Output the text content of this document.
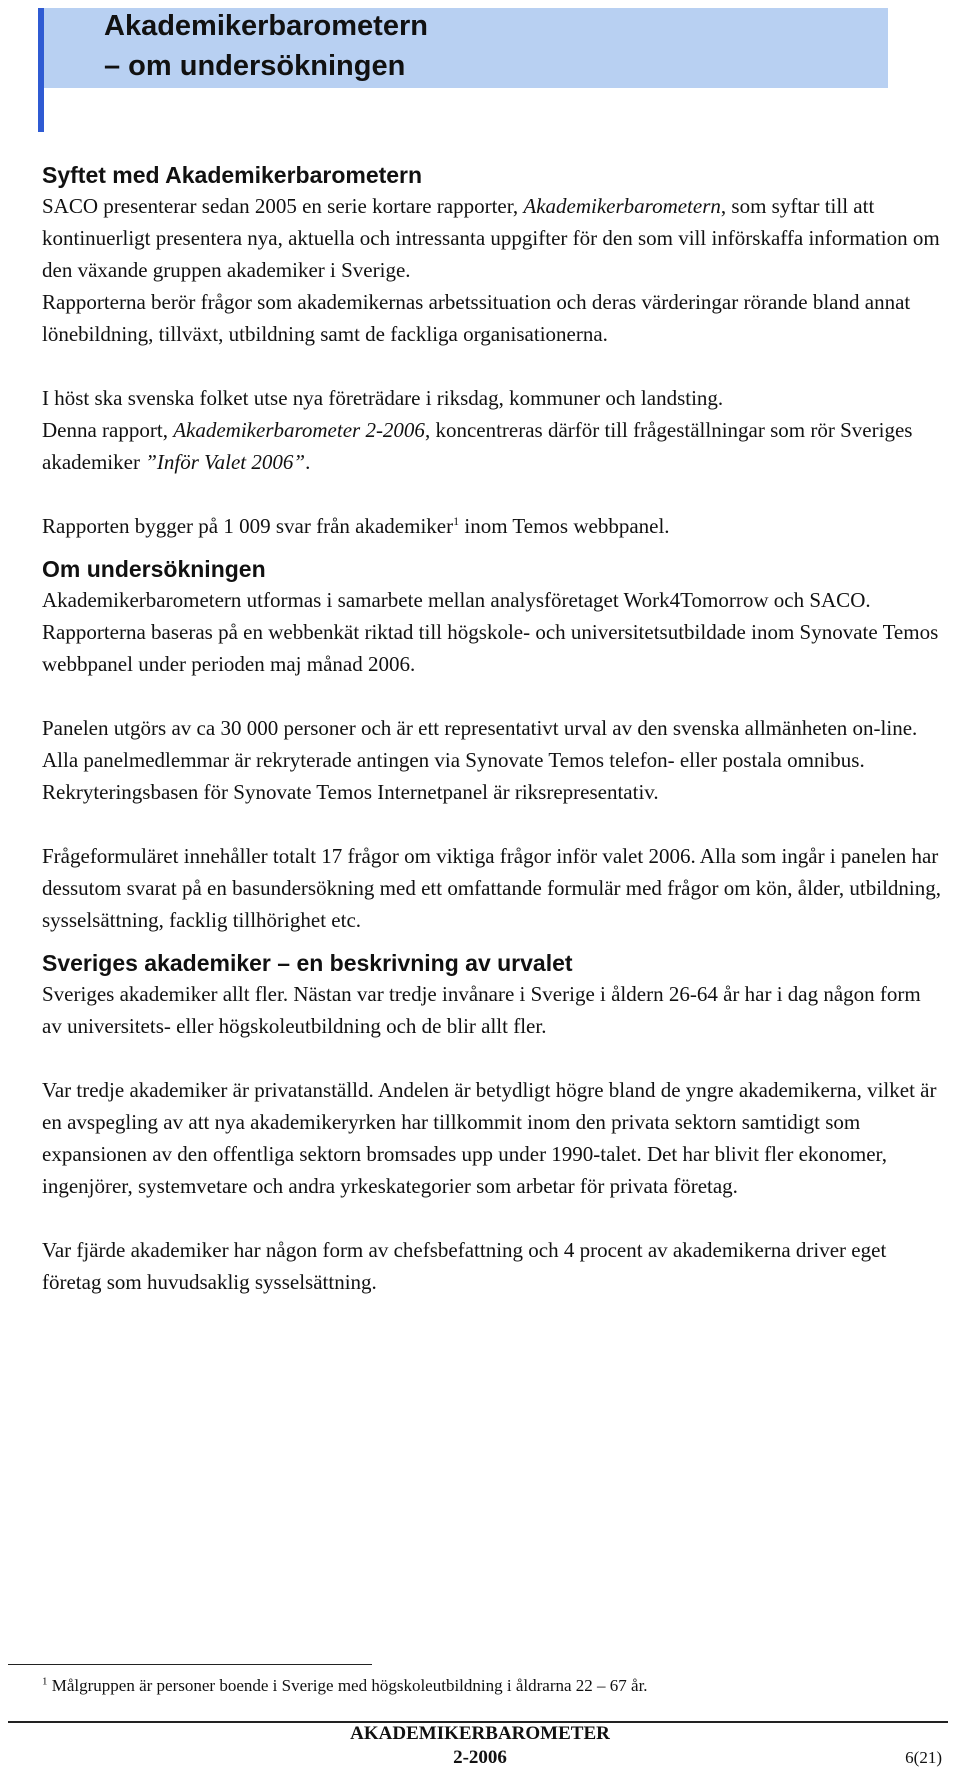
Akademikerbarometern
– om undersökningen
Syftet med Akademikerbarometern

SACO presenterar sedan 2005 en serie kortare rapporter, Akademikerbarometern, som syftar till att kontinuerligt presentera nya, aktuella och intressanta uppgifter för den som vill införskaffa information om den växande gruppen akademiker i Sverige.

Rapporterna berör frågor som akademikernas arbetssituation och deras värderingar rörande bland annat lönebildning, tillväxt, utbildning samt de fackliga organisationerna.

I höst ska svenska folket utse nya företrädare i riksdag, kommuner och landsting.

Denna rapport, Akademikerbarometer 2-2006, koncentreras därför till frågeställningar som rör Sveriges akademiker ”Inför Valet 2006”.

Rapporten bygger på 1 009 svar från akademiker$^1$ inom Temos webbpanel.

Om undersökningen

Akademikerbarometern utformas i samarbete mellan analysföretaget Work4Tomorrow och SACO. Rapporterna baseras på en webbenkät riktad till högskole- och universitetsutbildade inom Synovate Temos webbpanel under perioden maj månad 2006.

Panelen utgörs av ca 30 000 personer och är ett representativt urval av den svenska allmänheten on-line. Alla panelmedlemmar är rekryterade antingen via Synovate Temos telefon- eller postala omnibus. Rekryteringsbasen för Synovate Temos Internetpanel är riksrepresentativ.

Frågeformuläret innehåller totalt 17 frågor om viktiga frågor inför valet 2006. Alla som ingår i panelen har dessutom svarat på en basundersökning med ett omfattande formulär med frågor om kön, ålder, utbildning, sysselsättning, facklig tillhörighet etc.

Sveriges akademiker – en beskrivning av urvalet

Sveriges akademiker allt fler. Nästan var tredje invånare i Sverige i åldern 26-64 år har i dag någon form av universitets- eller högskoleutbildning och de blir allt fler.

Var tredje akademiker är privatanställd. Andelen är betydligt högre bland de yngre akademikerna, vilket är en avspegling av att nya akademikeryrken har tillkommit inom den privata sektorn samtidigt som expansionen av den offentliga sektorn bromsades upp under 1990-talet. Det har blivit fler ekonomer, ingenjörer, systemvetare och andra yrkeskategorier som arbetar för privata företag.

Var fjärde akademiker har någon form av chefsbefattning och 4 procent av akademikerna driver eget företag som huvudsaklig sysselsättning.

$^1$ Målgruppen är personer boende i Sverige med högskoleutbildning i åldrarna 22 – 67 år.

AKADEMIKERBAROMETER
2-2006	6(21)
